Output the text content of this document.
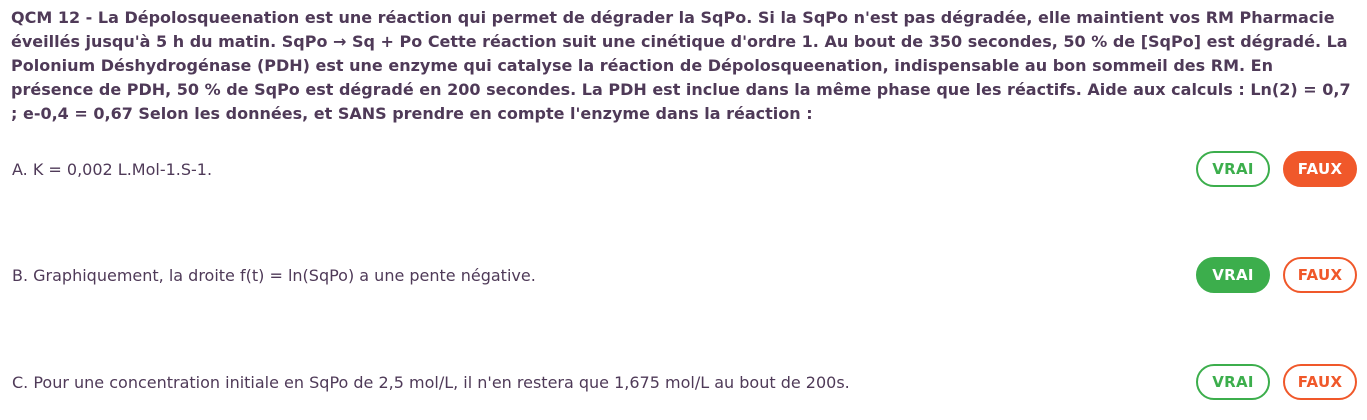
QCM 12 - La Dépolosqueenation est une réaction qui permet de dégrader la SqPo. Si la SqPo n'est pas dégradée, elle maintient vos RM Pharmacie éveillés jusqu'à 5 h du matin. SqPo → Sq + Po Cette réaction suit une cinétique d'ordre 1. Au bout de 350 secondes, 50 % de [SqPo] est dégradé. La Polonium Déshydrogénase (PDH) est une enzyme qui catalyse la réaction de Dépolosqueenation, indispensable au bon sommeil des RM. En présence de PDH, 50 % de SqPo est dégradé en 200 secondes. La PDH est inclue dans la même phase que les réactifs. Aide aux calculs : Ln(2) = 0,7 ; e-0,4 = 0,67 Selon les données, et SANS prendre en compte l'enzyme dans la réaction :
A. K = 0,002 L.Mol-1.S-1.	VRAI	FAUX
B. Graphiquement, la droite f(t) = ln(SqPo) a une pente négative.	VRAI	FAUX
C. Pour une concentration initiale en SqPo de 2,5 mol/L, il n'en restera que 1,675 mol/L au bout de 200s.	VRAI	FAUX
